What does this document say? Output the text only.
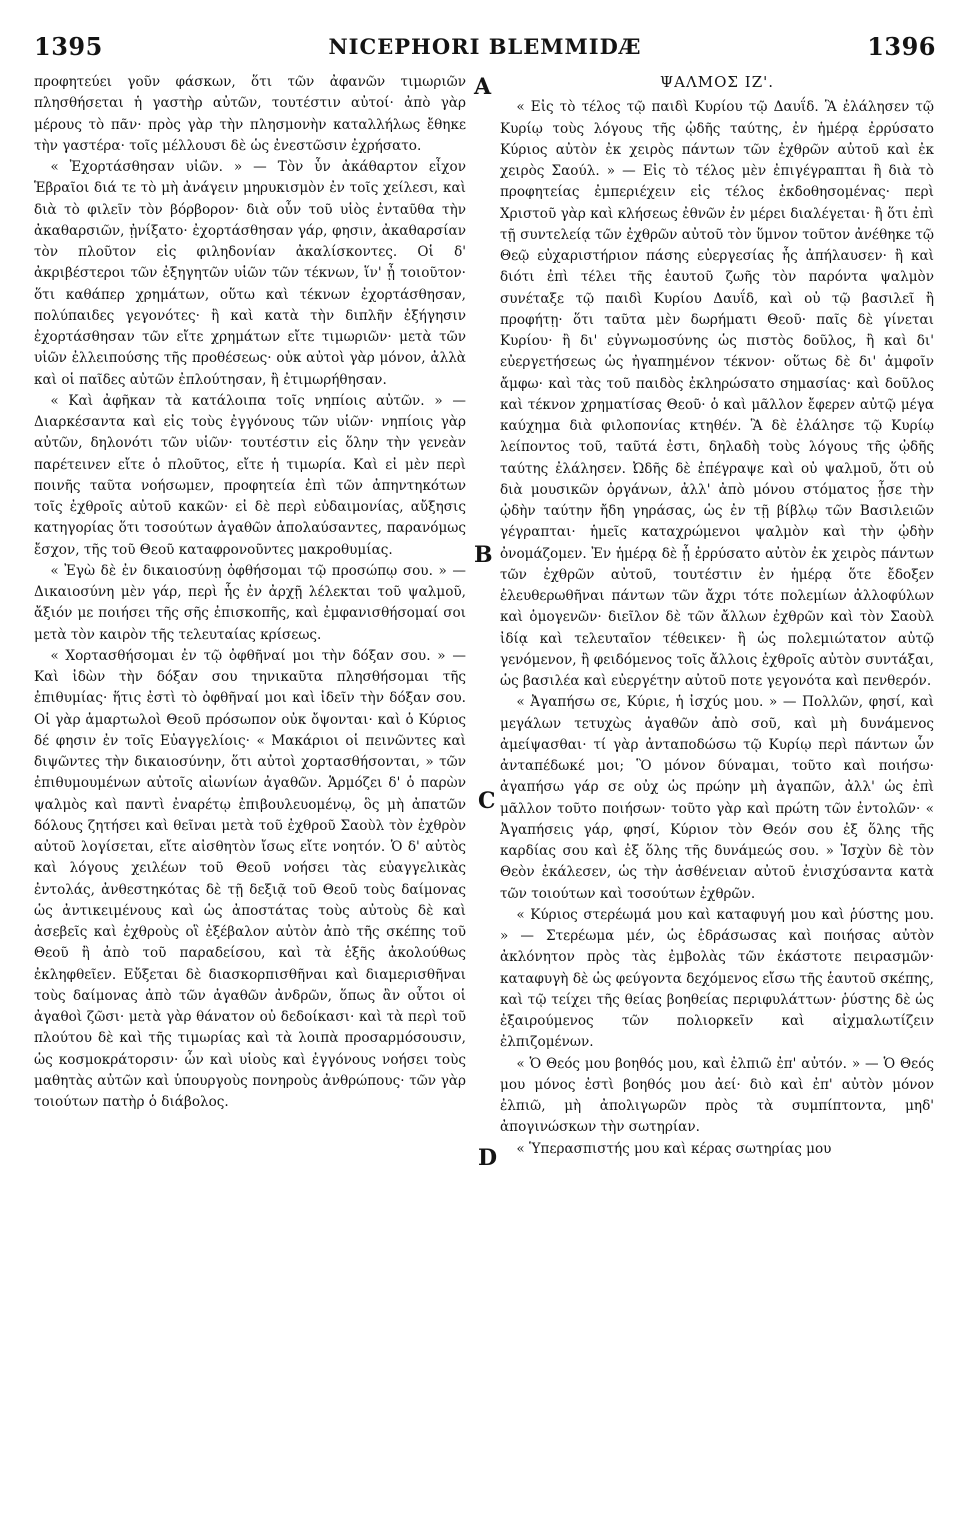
1395	NICEPHORI BLEMMIDÆ	1396

προφητεύει γοῦν φάσκων, ὅτι τῶν ἀφανῶν τιμωριῶν πλησθήσεται ἡ γαστὴρ αὐτῶν, τουτέστιν αὐτοί· ἀπὸ γὰρ μέρους τὸ πᾶν· πρὸς γὰρ τὴν πλησμονὴν καταλλήλως ἔθηκε τὴν γαστέρα· τοῖς μέλλουσι δὲ ὡς ἐνεστῶσιν ἐχρήσατο.

« Ἐχορτάσθησαν υἱῶν. » — Τὸν ὗν ἀκάθαρτον εἶχον Ἑβραῖοι διά τε τὸ μὴ ἀνάγειν μηρυκισμὸν ἐν τοῖς χείλεσι, καὶ διὰ τὸ φιλεῖν τὸν βόρβορον· διὰ οὖν τοῦ υἱὸς ἐνταῦθα τὴν ἀκαθαρσιῶν, ᾐνίξατο· ἐχορτάσθησαν γάρ, φησιν, ἀκαθαρσίαν τὸν πλοῦτον εἰς φιληδονίαν ἀκαλίσκοντες. Οἱ δ' ἀκριβέστεροι τῶν ἐξηγητῶν υἱῶν τῶν τέκνων, ἵν' ᾖ τοιοῦτον· ὅτι καθάπερ χρημάτων, οὕτω καὶ τέκνων ἐχορτάσθησαν, πολύπαιδες γεγονότες· ἢ καὶ κατὰ τὴν διπλῆν ἐξήγησιν ἐχορτάσθησαν τῶν εἴτε χρημάτων εἴτε τιμωριῶν· μετὰ τῶν υἱῶν ἐλλειπούσης τῆς προθέσεως· οὐκ αὐτοὶ γὰρ μόνον, ἀλλὰ καὶ οἱ παῖδες αὐτῶν ἐπλούτησαν, ἢ ἐτιμωρήθησαν.

« Καὶ ἀφῆκαν τὰ κατάλοιπα τοῖς νηπίοις αὐτῶν. » — Διαρκέσαντα καὶ εἰς τοὺς ἐγγόνους τῶν υἱῶν· νηπίοις γὰρ αὐτῶν, δηλονότι τῶν υἱῶν· τουτέστιν εἰς ὅλην τὴν γενεὰν παρέτεινεν εἴτε ὁ πλοῦτος, εἴτε ἡ τιμωρία. Καὶ εἰ μὲν περὶ ποινῆς ταῦτα νοήσωμεν, προφητεία ἐπὶ τῶν ἀπηντηκότων τοῖς ἐχθροῖς αὐτοῦ κακῶν· εἰ δὲ περὶ εὐδαιμονίας, αὔξησις κατηγορίας ὅτι τοσούτων ἀγαθῶν ἀπολαύσαντες, παρανόμως ἔσχον, τῆς τοῦ Θεοῦ καταφρονοῦντες μακροθυμίας.

« Ἐγὼ δὲ ἐν δικαιοσύνῃ ὀφθήσομαι τῷ προσώπῳ σου. » — Δικαιοσύνη μὲν γάρ, περὶ ἧς ἐν ἀρχῇ λέλεκται τοῦ ψαλμοῦ, ἄξιόν με ποιήσει τῆς σῆς ἐπισκοπῆς, καὶ ἐμφανισθήσομαί σοι μετὰ τὸν καιρὸν τῆς τελευταίας κρίσεως.

« Χορτασθήσομαι ἐν τῷ ὀφθῆναί μοι τὴν δόξαν σου. » — Καὶ ἰδὼν τὴν δόξαν σου τηνικαῦτα πλησθήσομαι τῆς ἐπιθυμίας· ἥτις ἐστὶ τὸ ὀφθῆναί μοι καὶ ἰδεῖν τὴν δόξαν σου. Οἱ γὰρ ἁμαρτωλοὶ Θεοῦ πρόσωπον οὐκ ὄψονται· καὶ ὁ Κύριος δέ φησιν ἐν τοῖς Εὐαγγελίοις· « Μακάριοι οἱ πεινῶντες καὶ διψῶντες τὴν δικαιοσύνην, ὅτι αὐτοὶ χορτασθήσονται, » τῶν ἐπιθυμουμένων αὐτοῖς αἰωνίων ἀγαθῶν. Ἁρμόζει δ' ὁ παρὼν ψαλμὸς καὶ παντὶ ἐναρέτῳ ἐπιβουλευομένῳ, ὃς μὴ ἀπατῶν δόλους ζητήσει καὶ θεῖναι μετὰ τοῦ ἐχθροῦ Σαοὺλ τὸν ἐχθρὸν αὐτοῦ λογίσεται, εἴτε αἰσθητὸν ἴσως εἴτε νοητόν. Ὁ δ' αὐτὸς καὶ λόγους χειλέων τοῦ Θεοῦ νοήσει τὰς εὐαγγελικὰς ἐντολάς, ἀνθεστηκότας δὲ τῇ δεξιᾷ τοῦ Θεοῦ τοὺς δαίμονας ὡς ἀντικειμένους καὶ ὡς ἀποστάτας τοὺς αὐτοὺς δὲ καὶ ἀσεβεῖς καὶ ἐχθροὺς οἳ ἐξέβαλον αὐτὸν ἀπὸ τῆς σκέπης τοῦ Θεοῦ ἢ ἀπὸ τοῦ παραδείσου, καὶ τὰ ἑξῆς ἀκολούθως ἐκληφθεῖεν. Εὔξεται δὲ διασκορπισθῆναι καὶ διαμερισθῆναι τοὺς δαίμονας ἀπὸ τῶν ἀγαθῶν ἀνδρῶν, ὅπως ἂν οὗτοι οἱ ἀγαθοὶ ζῶσι· μετὰ γὰρ θάνατον οὐ δεδοίκασι· καὶ τὰ περὶ τοῦ πλούτου δὲ καὶ τῆς τιμωρίας καὶ τὰ λοιπὰ προσαρμόσουσιν, ὡς κοσμοκράτορσιν· ὧν καὶ υἱοὺς καὶ ἐγγόνους νοήσει τοὺς μαθητὰς αὐτῶν καὶ ὑπουργοὺς πονηροὺς ἀνθρώπους· τῶν γὰρ τοιούτων πατὴρ ὁ διάβολος.

A
B
C
D
ΨΑΛΜΟΣ ΙΖ'.

« Εἰς τὸ τέλος τῷ παιδὶ Κυρίου τῷ Δαυΐδ. Ἃ ἐλάλησεν τῷ Κυρίῳ τοὺς λόγους τῆς ᾠδῆς ταύτης, ἐν ἡμέρᾳ ἐρρύσατο Κύριος αὐτὸν ἐκ χειρὸς πάντων τῶν ἐχθρῶν αὐτοῦ καὶ ἐκ χειρὸς Σαούλ. » — Εἰς τὸ τέλος μὲν ἐπιγέγραπται ἢ διὰ τὸ προφητείας ἐμπεριέχειν εἰς τέλος ἐκδοθησομένας· περὶ Χριστοῦ γὰρ καὶ κλήσεως ἐθνῶν ἐν μέρει διαλέγεται· ἢ ὅτι ἐπὶ τῇ συντελείᾳ τῶν ἐχθρῶν αὐτοῦ τὸν ὕμνον τοῦτον ἀνέθηκε τῷ Θεῷ εὐχαριστήριον πάσης εὐεργεσίας ἧς ἀπήλαυσεν· ἢ καὶ διότι ἐπὶ τέλει τῆς ἑαυτοῦ ζωῆς τὸν παρόντα ψαλμὸν συνέταξε τῷ παιδὶ Κυρίου Δαυΐδ, καὶ οὐ τῷ βασιλεῖ ἢ προφήτῃ· ὅτι ταῦτα μὲν δωρήματι Θεοῦ· παῖς δὲ γίνεται Κυρίου· ἢ δι' εὐγνωμοσύνης ὡς πιστὸς δοῦλος, ἢ καὶ δι' εὐεργετήσεως ὡς ἠγαπημένον τέκνον· οὕτως δὲ δι' ἀμφοῖν ἄμφω· καὶ τὰς τοῦ παιδὸς ἐκληρώσατο σημασίας· καὶ δοῦλος καὶ τέκνον χρηματίσας Θεοῦ· ὁ καὶ μᾶλλον ἔφερεν αὐτῷ μέγα καύχημα διὰ φιλοπονίας κτηθέν. Ἃ δὲ ἐλάλησε τῷ Κυρίῳ λείποντος τοῦ, ταῦτά ἐστι, δηλαδὴ τοὺς λόγους τῆς ᾠδῆς ταύτης ἐλάλησεν. Ὠδῆς δὲ ἐπέγραψε καὶ οὐ ψαλμοῦ, ὅτι οὐ διὰ μουσικῶν ὀργάνων, ἀλλ' ἀπὸ μόνου στόματος ᾖσε τὴν ᾠδὴν ταύτην ἤδη γηράσας, ὡς ἐν τῇ βίβλῳ τῶν Βασιλειῶν γέγραπται· ἡμεῖς καταχρώμενοι ψαλμὸν καὶ τὴν ᾠδὴν ὀνομάζομεν. Ἐν ἡμέρᾳ δὲ ᾗ ἐρρύσατο αὐτὸν ἐκ χειρὸς πάντων τῶν ἐχθρῶν αὐτοῦ, τουτέστιν ἐν ἡμέρᾳ ὅτε ἔδοξεν ἐλευθερωθῆναι πάντων τῶν ἄχρι τότε πολεμίων ἀλλοφύλων καὶ ὁμογενῶν· διεῖλον δὲ τῶν ἄλλων ἐχθρῶν καὶ τὸν Σαοὺλ ἰδίᾳ καὶ τελευταῖον τέθεικεν· ἢ ὡς πολεμιώτατον αὐτῷ γενόμενον, ἢ φειδόμενος τοῖς ἄλλοις ἐχθροῖς αὐτὸν συντάξαι, ὡς βασιλέα καὶ εὐεργέτην αὐτοῦ ποτε γεγονότα καὶ πενθερόν.

« Ἀγαπήσω σε, Κύριε, ἡ ἰσχύς μου. » — Πολλῶν, φησί, καὶ μεγάλων τετυχὼς ἀγαθῶν ἀπὸ σοῦ, καὶ μὴ δυνάμενος ἀμείψασθαι· τί γὰρ ἀνταποδώσω τῷ Κυρίῳ περὶ πάντων ὧν ἀνταπέδωκέ μοι; Ὃ μόνον δύναμαι, τοῦτο καὶ ποιήσω· ἀγαπήσω γάρ σε οὐχ ὡς πρώην μὴ ἀγαπῶν, ἀλλ' ὡς ἐπὶ μᾶλλον τοῦτο ποιήσων· τοῦτο γὰρ καὶ πρώτη τῶν ἐντολῶν· « Ἀγαπήσεις γάρ, φησί, Κύριον τὸν Θεόν σου ἐξ ὅλης τῆς καρδίας σου καὶ ἐξ ὅλης τῆς δυνάμεώς σου. » Ἰσχὺν δὲ τὸν Θεὸν ἐκάλεσεν, ὡς τὴν ἀσθένειαν αὐτοῦ ἐνισχύσαντα κατὰ τῶν τοιούτων καὶ τοσούτων ἐχθρῶν.

« Κύριος στερέωμά μου καὶ καταφυγή μου καὶ ῥύστης μου. » — Στερέωμα μέν, ὡς ἑδράσωσας καὶ ποιήσας αὐτὸν ἀκλόνητον πρὸς τὰς ἐμβολὰς τῶν ἑκάστοτε πειρασμῶν· καταφυγὴ δὲ ὡς φεύγοντα δεχόμενος εἴσω τῆς ἑαυτοῦ σκέπης, καὶ τῷ τείχει τῆς θείας βοηθείας περιφυλάττων· ῥύστης δὲ ὡς ἐξαιρούμενος τῶν πολιορκεῖν καὶ αἰχμαλωτίζειν ἐλπιζομένων.

« Ὁ Θεός μου βοηθός μου, καὶ ἐλπιῶ ἐπ' αὐτόν. » — Ὁ Θεός μου μόνος ἐστὶ βοηθός μου ἀεί· διὸ καὶ ἐπ' αὐτὸν μόνον ἐλπιῶ, μὴ ἀπολιγωρῶν πρὸς τὰ συμπίπτοντα, μηδ' ἀπογινώσκων τὴν σωτηρίαν.

« Ὑπερασπιστής μου καὶ κέρας σωτηρίας μου
